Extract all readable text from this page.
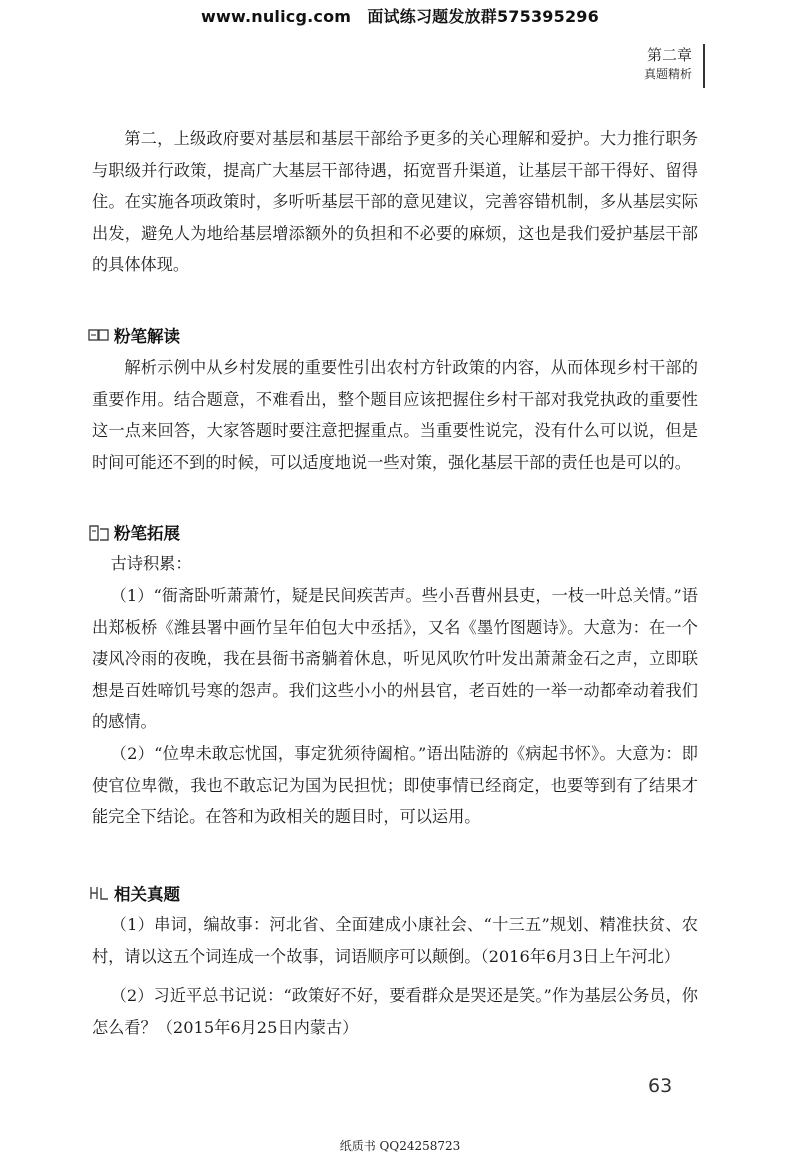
www.nulicg.com　面试练习题发放群575395296
第二章
真题精析

第二，上级政府要对基层和基层干部给予更多的关心理解和爱护。大力推行职务与职级并行政策，提高广大基层干部待遇，拓宽晋升渠道，让基层干部干得好、留得住。在实施各项政策时，多听听基层干部的意见建议，完善容错机制，多从基层实际出发，避免人为地给基层增添额外的负担和不必要的麻烦，这也是我们爱护基层干部的具体体现。

粉笔解读

解析示例中从乡村发展的重要性引出农村方针政策的内容，从而体现乡村干部的重要作用。结合题意，不难看出，整个题目应该把握住乡村干部对我党执政的重要性这一点来回答，大家答题时要注意把握重点。当重要性说完，没有什么可以说，但是时间可能还不到的时候，可以适度地说一些对策，强化基层干部的责任也是可以的。

粉笔拓展

古诗积累：

（1）“衙斋卧听萧萧竹，疑是民间疾苦声。些小吾曹州县吏，一枝一叶总关情。”语出郑板桥《潍县署中画竹呈年伯包大中丞括》，又名《墨竹图题诗》。大意为：在一个凄风冷雨的夜晚，我在县衙书斋躺着休息，听见风吹竹叶发出萧萧金石之声，立即联想是百姓啼饥号寒的怨声。我们这些小小的州县官，老百姓的一举一动都牵动着我们的感情。

（2）“位卑未敢忘忧国，事定犹须待阖棺。”语出陆游的《病起书怀》。大意为：即使官位卑微，我也不敢忘记为国为民担忧；即使事情已经商定，也要等到有了结果才能完全下结论。在答和为政相关的题目时，可以运用。

相关真题

（1）串词，编故事：河北省、全面建成小康社会、“十三五”规划、精准扶贫、农村，请以这五个词连成一个故事，词语顺序可以颠倒。（2016年6月3日上午河北）

（2）习近平总书记说：“政策好不好，要看群众是哭还是笑。”作为基层公务员，你怎么看？（2015年6月25日内蒙古）

63
纸质书 QQ24258723
